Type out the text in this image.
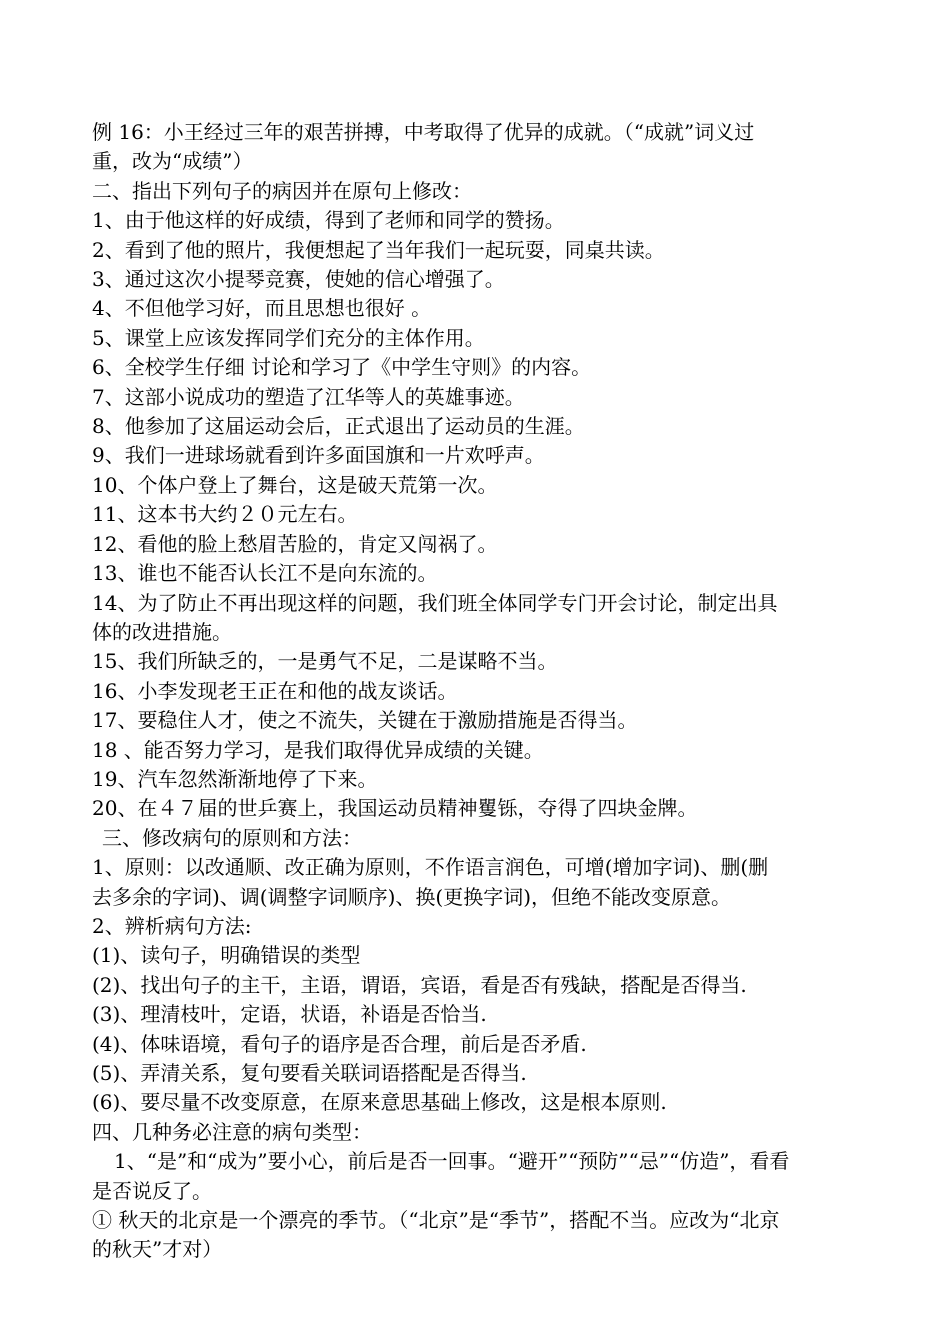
例 16：小王经过三年的艰苦拼搏，中考取得了优异的成就。（“成就”词义过

重，改为“成绩”）

二、指出下列句子的病因并在原句上修改：

1、由于他这样的好成绩，得到了老师和同学的赞扬。

2、看到了他的照片，我便想起了当年我们一起玩耍，同桌共读。

3、通过这次小提琴竞赛，使她的信心增强了。

4、不但他学习好，而且思想也很好 。

5、课堂上应该发挥同学们充分的主体作用。

6、全校学生仔细 讨论和学习了《中学生守则》的内容。

7、这部小说成功的塑造了江华等人的英雄事迹。

8、他参加了这届运动会后，正式退出了运动员的生涯。

9、我们一进球场就看到许多面国旗和一片欢呼声。

10、个体户登上了舞台，这是破天荒第一次。

11、这本书大约２０元左右。

12、看他的脸上愁眉苦脸的，肯定又闯祸了。

13、谁也不能否认长江不是向东流的。

14、为了防止不再出现这样的问题，我们班全体同学专门开会讨论，制定出具

体的改进措施。

15、我们所缺乏的，一是勇气不足，二是谋略不当。

16、小李发现老王正在和他的战友谈话。

17、要稳住人才，使之不流失，关键在于激励措施是否得当。

18 、能否努力学习，是我们取得优异成绩的关键。

19、汽车忽然渐渐地停了下来。

20、在４７届的世乒赛上，我国运动员精神矍铄，夺得了四块金牌。

三、修改病句的原则和方法：

1、原则：以改通顺、改正确为原则，不作语言润色，可增(增加字词)、删(删

去多余的字词)、调(调整字词顺序)、换(更换字词)，但绝不能改变原意。

2、辨析病句方法:

(1)、读句子，明确错误的类型

(2)、找出句子的主干，主语，谓语，宾语，看是否有残缺，搭配是否得当.

(3)、理清枝叶，定语，状语，补语是否恰当.

(4)、体味语境，看句子的语序是否合理，前后是否矛盾.

(5)、弄清关系，复句要看关联词语搭配是否得当.

(6)、要尽量不改变原意，在原来意思基础上修改，这是根本原则.

四、几种务必注意的病句类型：

1、“是”和“成为”要小心，前后是否一回事。“避开”“预防”“忌”“仿造”，看看

是否说反了。

① 秋天的北京是一个漂亮的季节。（“北京”是“季节”，搭配不当。应改为“北京

的秋天”才对）
